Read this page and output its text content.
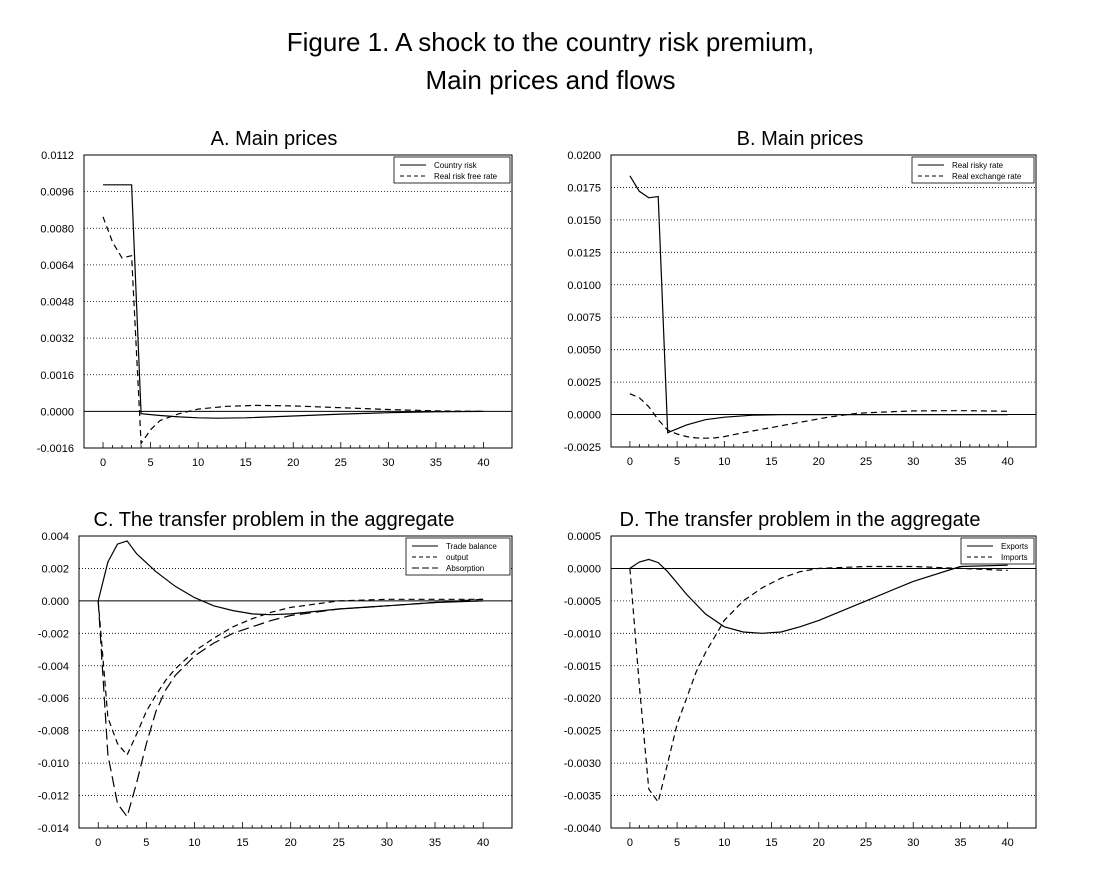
Figure 1. A shock to the country risk premium,
Main prices and flows
A. Main prices
-0.0016
0.0000
0.0016
0.0032
0.0048
0.0064
0.0080
0.0096
0.0112
0	5	10	15	20	25	30	35	40
Country risk
Real risk free rate
B. Main prices
-0.0025
0.0000
0.0025
0.0050
0.0075
0.0100
0.0125
0.0150
0.0175
0.0200
0	5	10	15	20	25	30	35	40
Real risky rate
Real exchange rate
C. The transfer problem in the aggregate
-0.014
-0.012
-0.010
-0.008
-0.006
-0.004
-0.002
0.000
0.002
0.004
0	5	10	15	20	25	30	35	40
Trade balance
output
Absorption
D. The transfer problem in the aggregate
-0.0040
-0.0035
-0.0030
-0.0025
-0.0020
-0.0015
-0.0010
-0.0005
0.0000
0.0005
0	5	10	15	20	25	30	35	40
Exports
Imports
